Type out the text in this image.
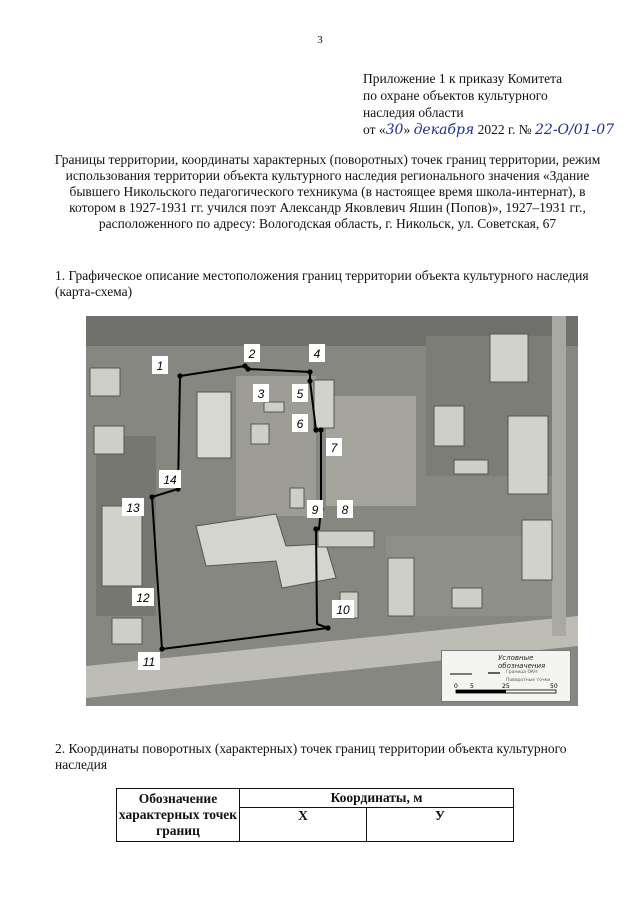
3
Приложение 1 к приказу Комитета
по охране объектов культурного
наследия области
от «30» декабря 2022 г. № 22-О/01-07
Границы территории, координаты характерных (поворотных) точек границ территории, режим использования территории объекта культурного наследия регионального значения «Здание бывшего Никольского педагогического техникума (в настоящее время школа-интернат), в котором в 1927-1931 гг. учился поэт Александр Яковлевич Яшин (Попов)», 1927–1931 гг., расположенного по адресу: Вологодская область, г. Никольск, ул. Советская, 67
1. Графическое описание местоположения границ территории объекта культурного наследия (карта-схема)
1
2
3
4
5
6
7
8
9
10
11
12
13
14
Условные обозначения
Граница ОКН
Поворотные точки
0 5	25	50
2. Координаты поворотных (характерных) точек границ территории объекта культурного наследия
Обозначение характерных точек границ	Координаты, м	
	X	У
